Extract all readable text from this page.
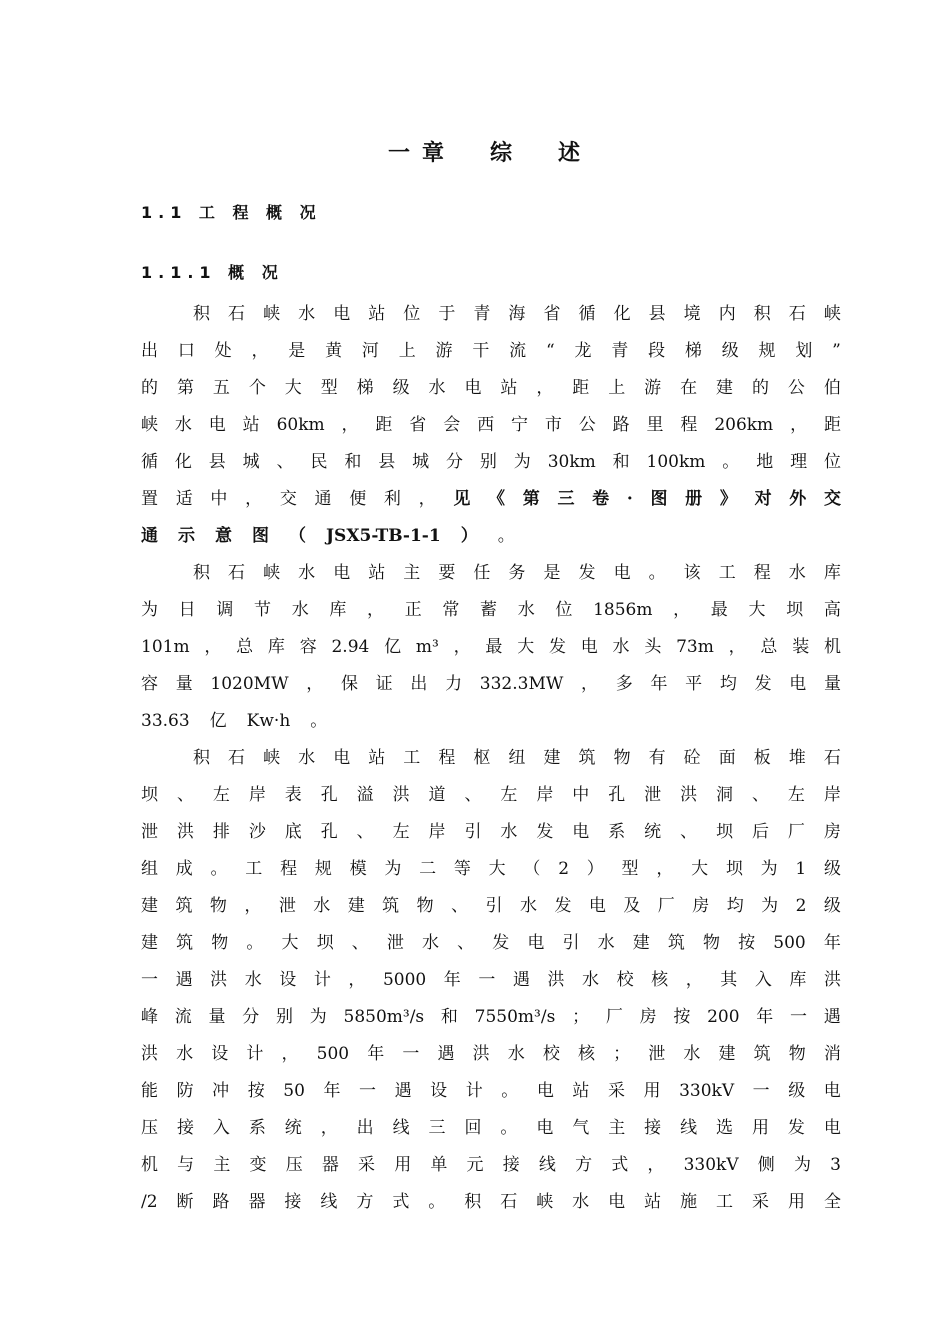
一章　综　述
1.1 工 程 概 况
1.1.1 概 况
积 石 峡 水 电 站 位 于 青 海 省 循 化 县 境 内 积 石 峡
出 口 处 ， 是 黄 河 上 游 干 流 “ 龙 青 段 梯 级 规 划 ”
的 第 五 个 大 型 梯 级 水 电 站 ， 距 上 游 在 建 的 公 伯
峡 水 电 站 60km ， 距 省 会 西 宁 市 公 路 里 程 206km ， 距
循 化 县 城 、 民 和 县 城 分 别 为 30km 和 100km 。 地 理 位
置 适 中 ， 交 通 便 利 ， 见 《 第 三 卷 · 图 册 》 对 外 交
通 示 意 图 （ JSX5-TB-1-1 ） 。
积 石 峡 水 电 站 主 要 任 务 是 发 电 。 该 工 程 水 库
为 日 调 节 水 库 ， 正 常 蓄 水 位 1856m ， 最 大 坝 高
101m ， 总 库 容 2.94 亿 m³ ， 最 大 发 电 水 头 73m ， 总 装 机
容 量 1020MW ， 保 证 出 力 332.3MW ， 多 年 平 均 发 电 量
33.63 亿 Kw·h 。
积 石 峡 水 电 站 工 程 枢 纽 建 筑 物 有 砼 面 板 堆 石
坝 、 左 岸 表 孔 溢 洪 道 、 左 岸 中 孔 泄 洪 洞 、 左 岸
泄 洪 排 沙 底 孔 、 左 岸 引 水 发 电 系 统 、 坝 后 厂 房
组 成 。 工 程 规 模 为 二 等 大 （ 2 ） 型 ， 大 坝 为 1 级
建 筑 物 ， 泄 水 建 筑 物 、 引 水 发 电 及 厂 房 均 为 2 级
建 筑 物 。 大 坝 、 泄 水 、 发 电 引 水 建 筑 物 按 500 年
一 遇 洪 水 设 计 ， 5000 年 一 遇 洪 水 校 核 ， 其 入 库 洪
峰 流 量 分 别 为 5850m³/s 和 7550m³/s ； 厂 房 按 200 年 一 遇
洪 水 设 计 ， 500 年 一 遇 洪 水 校 核 ； 泄 水 建 筑 物 消
能 防 冲 按 50 年 一 遇 设 计 。 电 站 采 用 330kV 一 级 电
压 接 入 系 统 ， 出 线 三 回 。 电 气 主 接 线 选 用 发 电
机 与 主 变 压 器 采 用 单 元 接 线 方 式 ， 330kV 侧 为 3
/2 断 路 器 接 线 方 式 。 积 石 峡 水 电 站 施 工 采 用 全
